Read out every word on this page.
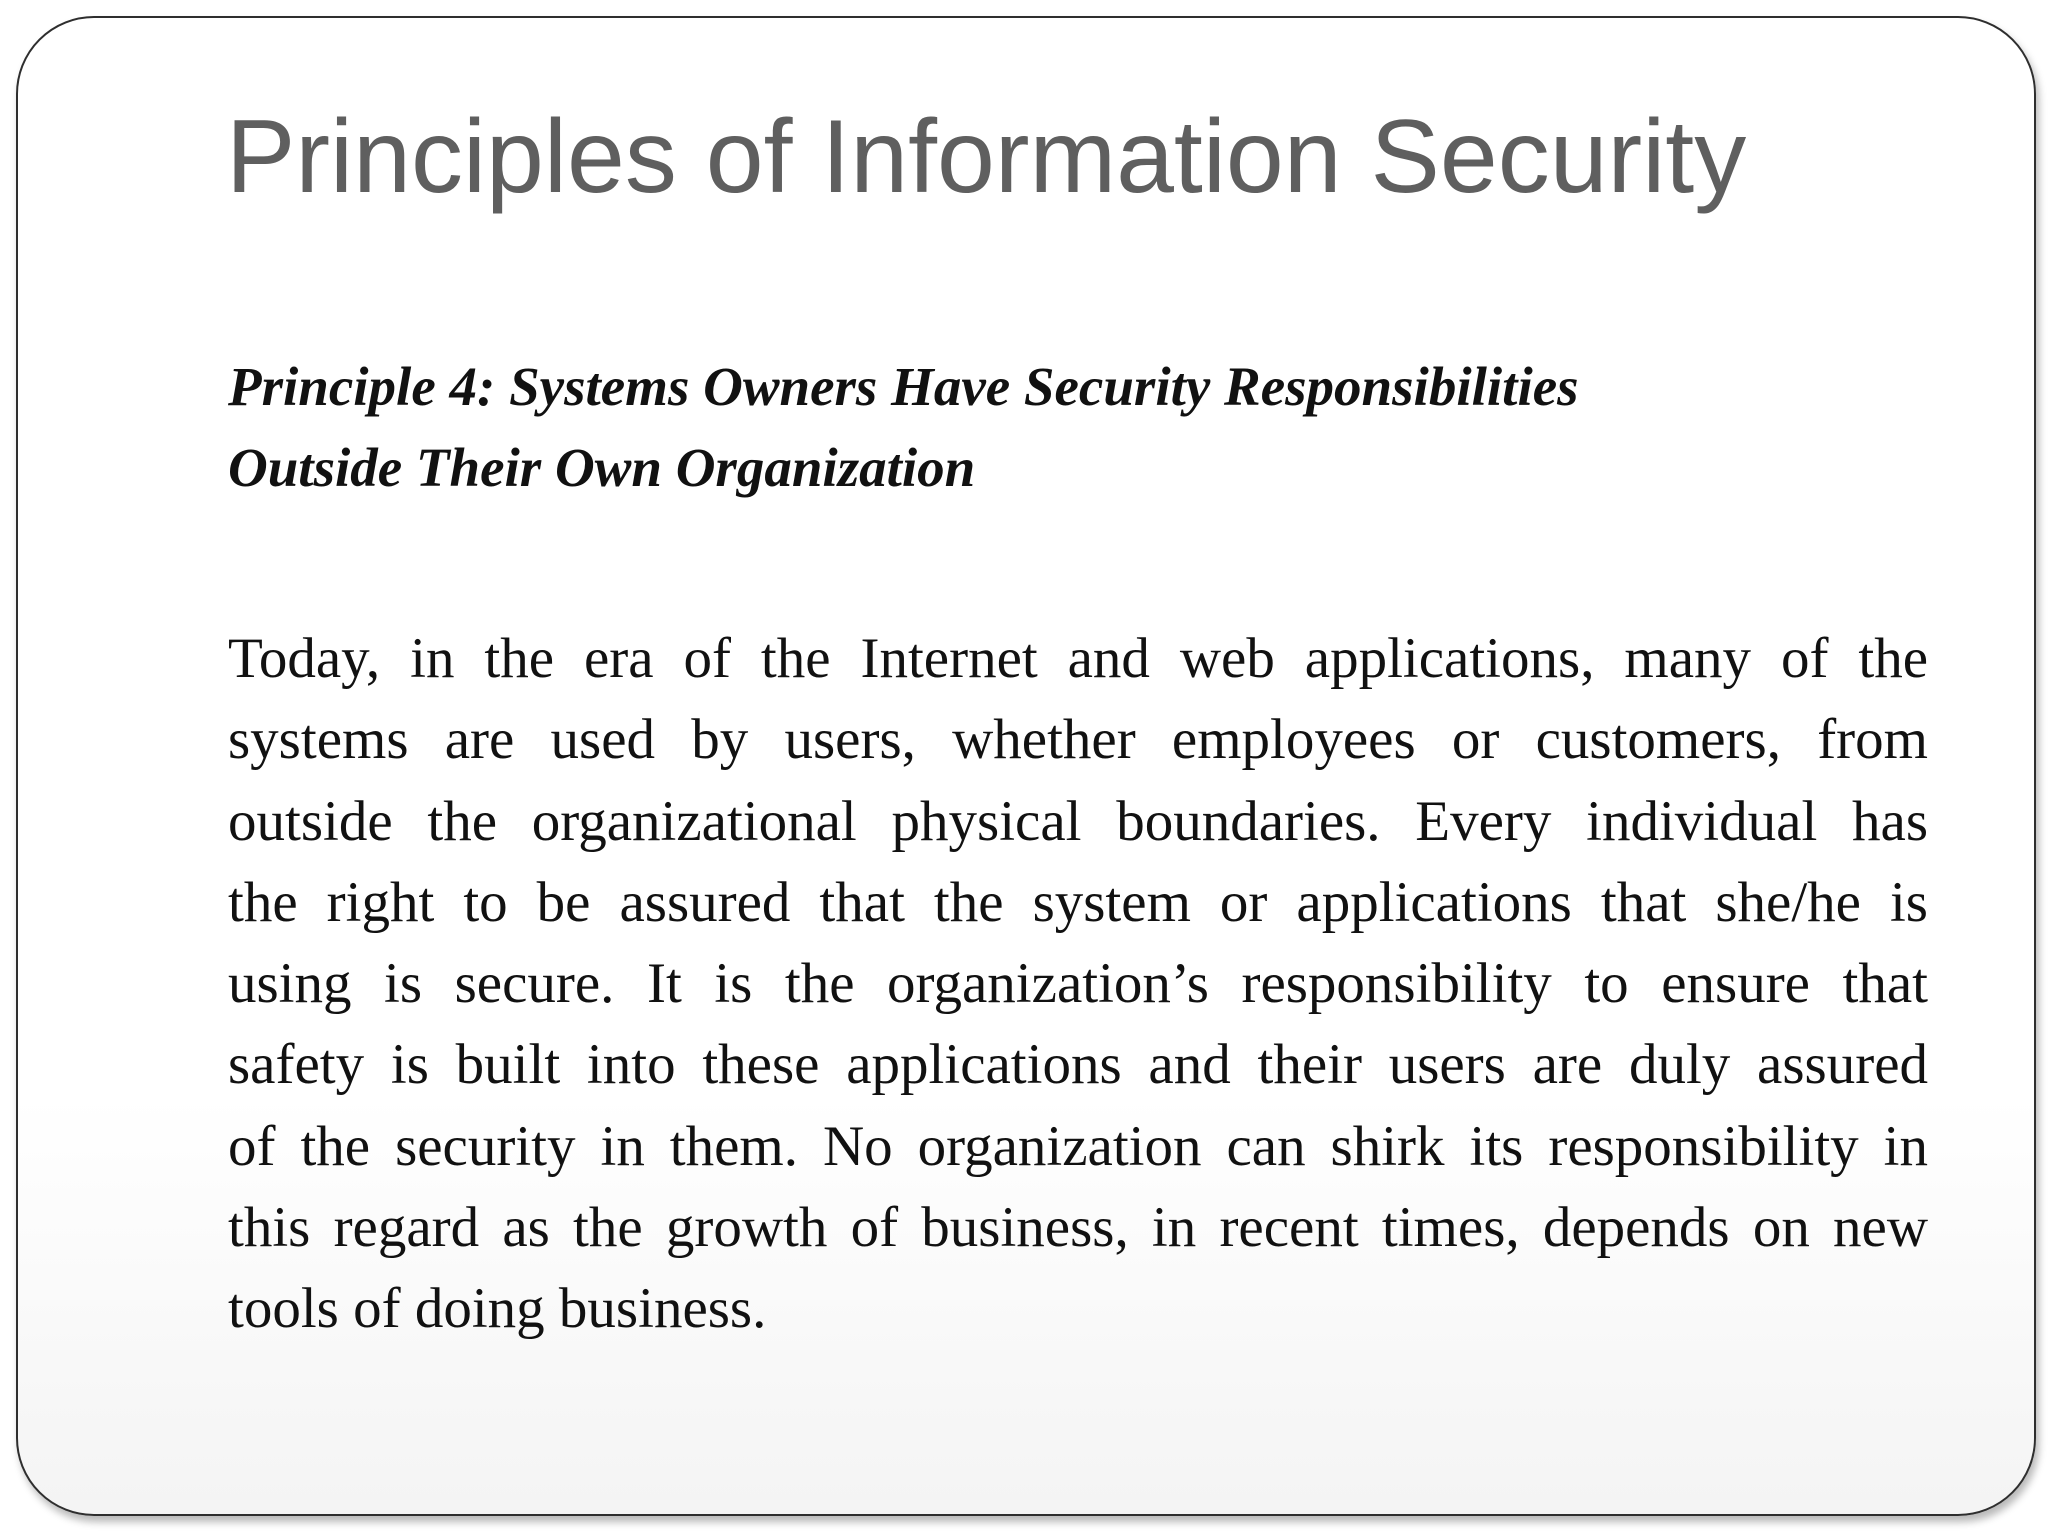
Principles of Information Security
Principle 4: Systems Owners Have Security Responsibilities
Outside Their Own Organization
Today, in the era of the Internet and web applications, many of the
systems are used by users, whether employees or customers, from
outside the organizational physical boundaries. Every individual has
the right to be assured that the system or applications that she/he is
using is secure. It is the organization’s responsibility to ensure that
safety is built into these applications and their users are duly assured
of the security in them. No organization can shirk its responsibility in
this regard as the growth of business, in recent times, depends on new
tools of doing business.
